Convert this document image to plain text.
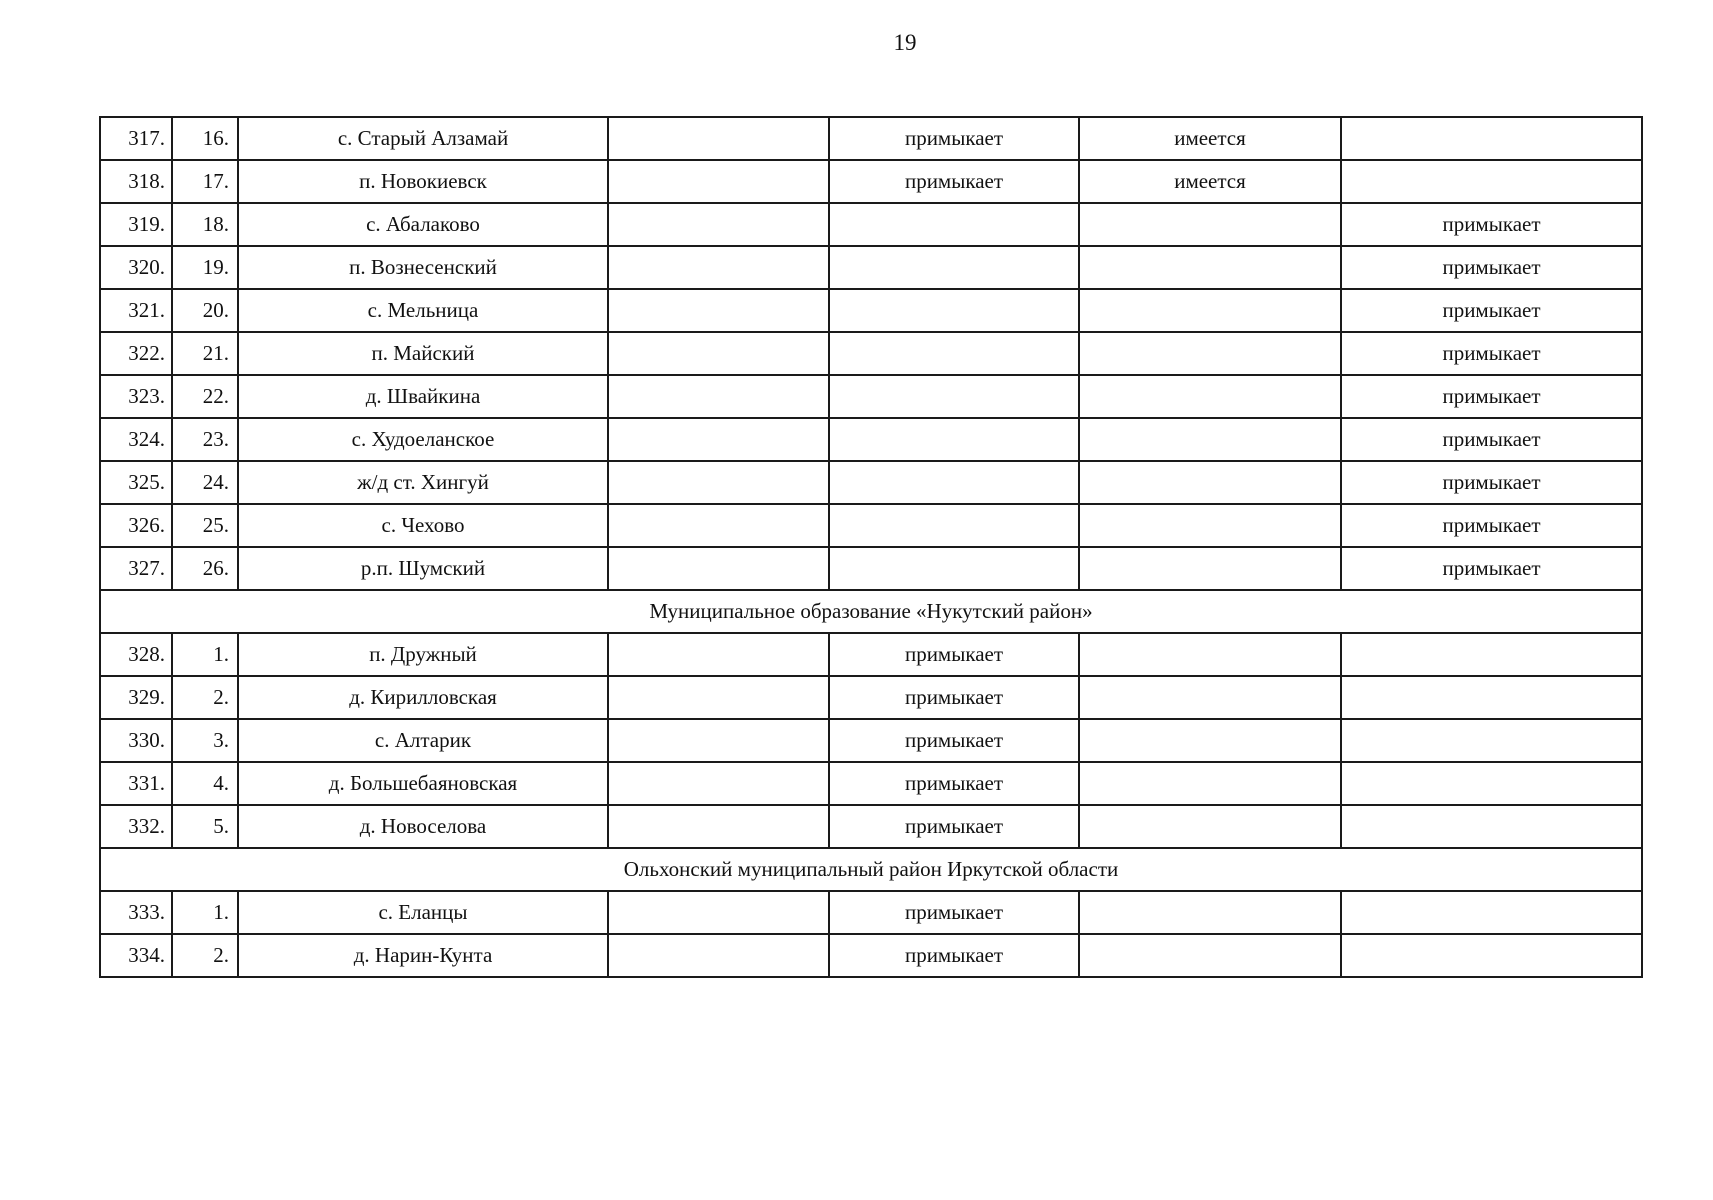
19
317.	16.	с. Старый Алзамай		примыкает	имеется	
318.	17.	п. Новокиевск		примыкает	имеется	
319.	18.	с. Абалаково				примыкает
320.	19.	п. Вознесенский				примыкает
321.	20.	с. Мельница				примыкает
322.	21.	п. Майский				примыкает
323.	22.	д. Швайкина				примыкает
324.	23.	с. Худоеланское				примыкает
325.	24.	ж/д ст. Хингуй				примыкает
326.	25.	с. Чехово				примыкает
327.	26.	р.п. Шумский				примыкает
Муниципальное образование «Нукутский район»						
328.	1.	п. Дружный		примыкает		
329.	2.	д. Кирилловская		примыкает		
330.	3.	с. Алтарик		примыкает		
331.	4.	д. Большебаяновская		примыкает		
332.	5.	д. Новоселова		примыкает		
Ольхонский муниципальный район Иркутской области						
333.	1.	с. Еланцы		примыкает		
334.	2.	д. Нарин-Кунта		примыкает		
